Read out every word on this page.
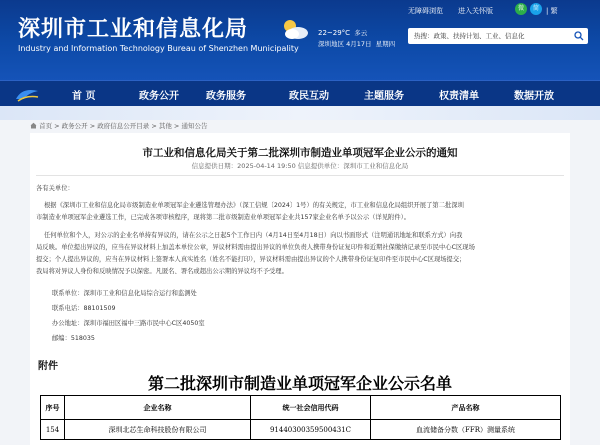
深圳市工业和信息化局
Industry and Information Technology Bureau of Shenzhen Municipality
22~29°C 多云
深圳地区 4月17日 星期四
无障碍浏览 进入关怀版	微	简	| 繁
热搜：政策、扶持计划、工业、信息化
首 页	政务公开	政务服务	政民互动	主题服务	权责清单	数据开放
首页 > 政务公开 > 政府信息公开目录 > 其他 > 通知公告
市工业和信息化局关于第二批深圳市制造业单项冠军企业公示的通知
信息提供日期：2025-04-14 19:50 信息提供单位：深圳市工业和信息化局
各有关单位：
根据《深圳市工业和信息化局市级制造业单项冠军企业遴选管理办法》（深工信规〔2024〕1号）的有关规定，市工业和信息化局组织开展了第二批深圳
市制造业单项冠军企业遴选工作，已完成各项审核程序，现将第二批市级制造业单项冠军企业共157家企业名单予以公示（详见附件）。
任何单位和个人，对公示的企业名单持有异议的，请在公示之日起5个工作日内（4月14日至4月18日）向以书面形式（注明通讯地址和联系方式）向我
局反映。单位提出异议的，应当在异议材料上加盖本单位公章，异议材料需由提出异议的单位负责人携带身份证复印件和近期社保缴纳记录至市民中心C区现场
提交；个人提出异议的，应当在异议材料上签署本人真实姓名（姓名不能打印），异议材料需由提出异议的个人携带身份证复印件至市民中心C区现场提交；
我局将对异议人身份和反映情况予以保密。凡匿名、署名或超出公示期的异议均不予受理。
联系单位：深圳市工业和信息化局综合运行和监测处
联系电话：88101509
办公地址：深圳市福田区福中三路市民中心C区4050室
邮编：518035
附件
第二批深圳市制造业单项冠军企业公示名单
序号	企业名称	统一社会信用代码	产品名称
154	深圳北芯生命科技股份有限公司	91440300359500431C	血流储备分数（FFR）测量系统
